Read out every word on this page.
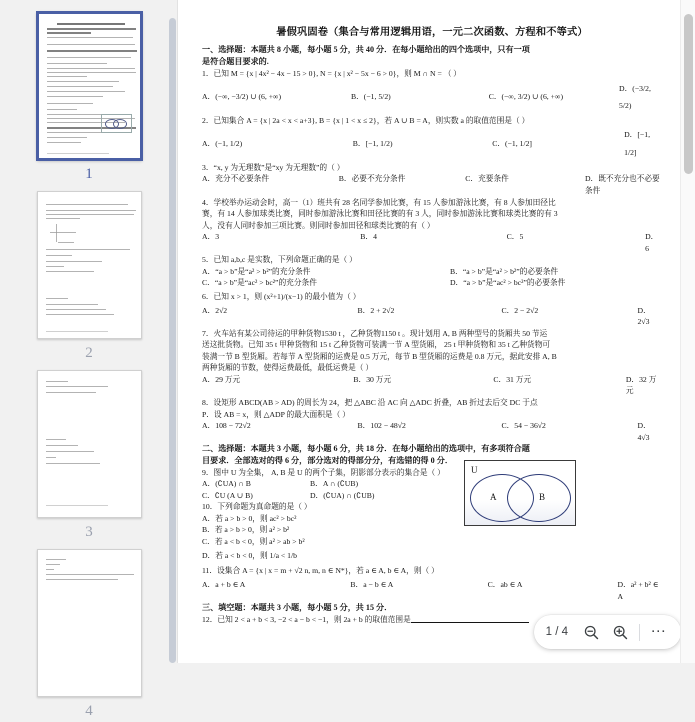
1
2
3
4
暑假巩固卷（集合与常用逻辑用语，一元二次函数、方程和不等式）
一、选择题：本题共 8 小题，每小题 5 分，共 40 分．在每小题给出的四个选项中，只有一项
是符合题目要求的.
1．已知 M = {x | 4x² − 4x − 15 > 0}, N = {x | x² − 5x − 6 > 0}，则 M ∩ N = （ ）
A．(−∞, −3/2) ∪ (6, +∞)	B．(−1, 5/2)	C．(−∞, 3/2) ∪ (6, +∞)
D．(−3/2, 5/2)
2．已知集合 A = {x | 2a < x < a+3}, B = {x | 1 < x ≤ 2}，若 A ∪ B = A，则实数 a 的取值范围是（ ）
A．(−1, 1/2)	B．[−1, 1/2)	C．(−1, 1/2]
D．[−1, 1/2]
3．“x, y 为无理数”是“xy 为无理数”的（ ）
A．充分不必要条件	B．必要不充分条件	C．充要条件	D．既不充分也不必要条件
4．学校举办运动会时，高一（1）班共有 28 名同学参加比赛，有 15 人参加游泳比赛，有 8 人参加田径比
赛，有 14 人参加球类比赛，同时参加游泳比赛和田径比赛的有 3 人，同时参加游泳比赛和球类比赛的有 3
人，没有人同时参加三项比赛。则同时参加田径和球类比赛的有（ ）
A．3	B．4	C．5	D．6
5．已知 a,b,c 是实数，下列命题正确的是（ ）
A．“a > b”是“a² > b²”的充分条件	B．“a > b”是“a² > b²”的必要条件
C．“a > b”是“ac² > bc²”的充分条件	D．“a > b”是“ac² > bc²”的必要条件
6．已知 x > 1，则 (x²+1)/(x−1) 的最小值为（ ）
A．2√2	B．2 + 2√2	C．2 − 2√2	D．2√3
7．火车站有某公司待运的甲种货物1530 t ，乙种货物1150 t 。现计划用 A, B 两种型号的货厢共 50 节运
送这批货物。已知 35 t 甲种货物和 15 t 乙种货物可装满一节 A 型货厢， 25 t 甲种货物和 35 t 乙种货物可
装满一节 B 型货厢。若每节 A 型货厢的运费是 0.5 万元，每节 B 型货厢的运费是 0.8 万元，据此安排 A, B
两种货厢的节数，使得运费最低，最低运费是（ ）
A．29 万元	B．30 万元	C．31 万元	D．32 万元
8．设矩形 ABCD(AB > AD) 的周长为 24，把 △ABC 沿 AC 向 △ADC 折叠，AB 折过去后交 DC 于点
P．设 AB = x，则 △ADP 的最大面积是（ ）
A．108 − 72√2	B．102 − 48√2	C．54 − 36√2	D．4√3
二、选择题：本题共 3 小题，每小题 6 分，共 18 分．在每小题给出的选项中，有多项符合题
目要求．全部选对的得 6 分，部分选对的得部分分，有选错的得 0 分．
9．图中 U 为全集， A, B 是 U 的两个子集，阴影部分表示的集合是（ ）
A．(∁UA) ∩ B	B．A ∩ (∁UB)
C．∁U (A ∪ B)	D．(∁UA) ∩ (∁UB)
10．下列命题为真命题的是（ ）
A．若 a > b > 0，则 ac² > bc²
B．若 a > b > 0，则 a² > b²
C．若 a < b < 0，则 a² > ab > b²
D．若 a < b < 0，则 1/a < 1/b
11．设集合 A = {x | x = m + √2 n, m, n ∈ N*}，若 a ∈ A, b ∈ A，则（ ）
A．a + b ∈ A	B．a − b ∈ A	C．ab ∈ A	D．a² + b² ∈ A
三、填空题：本题共 3 小题，每小题 5 分，共 15 分．
12．已知 2 < a + b < 3, −2 < a − b < −1，则 2a + b 的取值范围是
U
A	B
1 / 4	…
